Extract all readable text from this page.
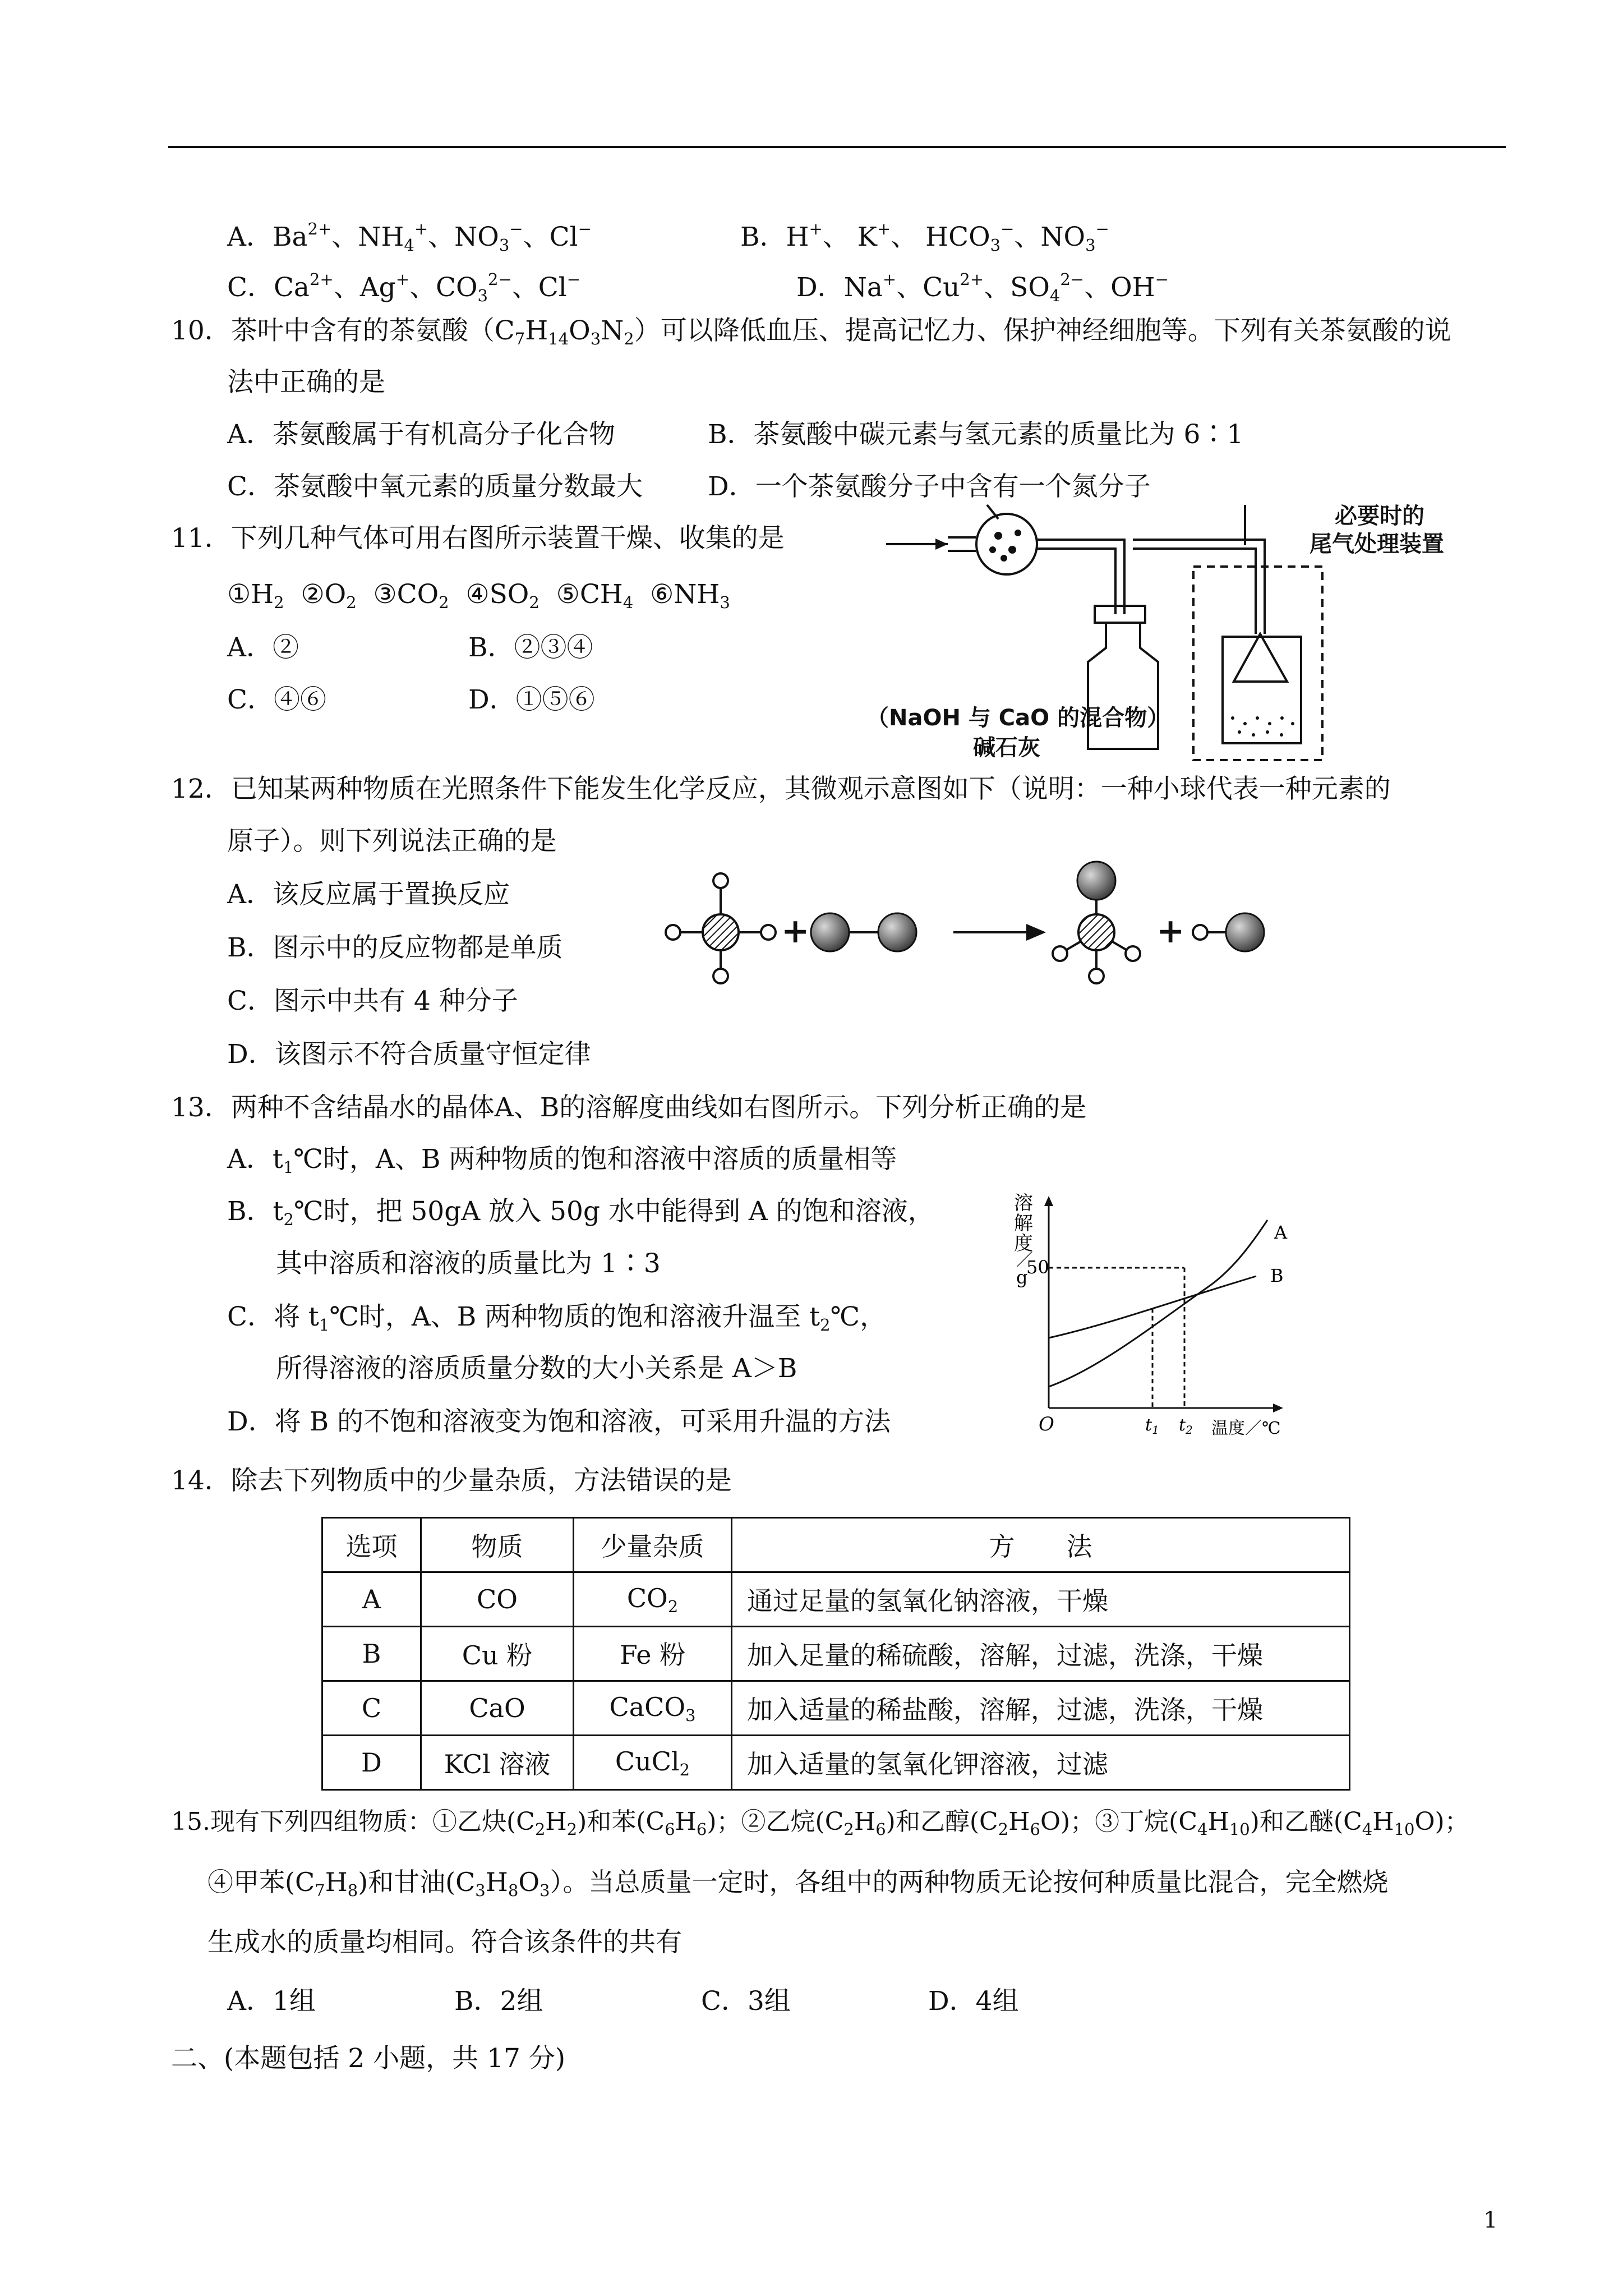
A．$Ba^{2+}$、$NH_4^+$、$NO_3^-$、Cl−	B．H+、 K+、 $HCO_3^-$、$NO_3^-$
C．$Ca^{2+}$、Ag+、$CO_3^{2-}$、Cl−	D．Na+、$Cu^{2+}$、$SO_4^{2-}$、OH−
10．茶叶中含有的茶氨酸$(C_7H_{14}O_3N_2)$可以降低血压、提高记忆力、保护神经细胞等。下列有关茶氨酸的说
法中正确的是
A．茶氨酸属于有机高分子化合物	B．茶氨酸中碳元素与氢元素的质量比为 6∶1
C．茶氨酸中氧元素的质量分数最大 D．一个茶氨酸分子中含有一个氮分子
11．下列几种气体可用右图所示装置干燥、收集的是
$①H_2$ $②O_2$ $③CO_2$ $④SO_2$ $⑤CH_4$ $⑥NH_3$
A．②	B．②③④
C．④⑥	D．①⑤⑥
.
必要时的
尾气处理装置
（NaOH 与 CaO 的混合物）
碱石灰
12．已知某两种物质在光照条件下能发生化学反应，其微观示意图如下（说明：一种小球代表一种元素的
原子）。则下列说法正确的是
A．该反应属于置换反应
B．图示中的反应物都是单质
C．图示中共有 4 种分子
D．该图示不符合质量守恒定律
+	+
13．两种不含结晶水的晶体A、B的溶解度曲线如右图所示。下列分析正确的是
A．$t_1℃$时，A、B 两种物质的饱和溶液中溶质的质量相等
B．$t_2℃$时，把 50gA 放入 50g 水中能得到 A 的饱和溶液，
其中溶质和溶液的质量比为 1∶3
C．将 $t_1℃$时，A、B 两种物质的饱和溶液升温至 $t_2℃$，
所得溶液的溶质质量分数的大小关系是 A＞B
D．将 B 的不饱和溶液变为饱和溶液，可采用升温的方法
溶
解
度
／
g
50
O	$t_1$ $t_2$ 温度／℃
A
B
14．除去下列物质中的少量杂质，方法错误的是
选项	物质	少量杂质	方　　法
A	CO	$CO_2$	通过足量的氢氧化钠溶液，干燥
B	Cu 粉	Fe 粉	加入足量的稀硫酸，溶解，过滤，洗涤，干燥
C	CaO	CaCO$_3$	加入适量的稀盐酸，溶解，过滤，洗涤，干燥
D	KCl 溶液	CuCl$_2$	加入适量的氢氧化钾溶液，过滤
15.现有下列四组物质：①乙炔$(C_2H_2)$和苯$(C_6H_6)$；②乙烷$(C_2H_6)$和乙醇$(C_2H_6O)$；③丁烷$(C_4H_{10})$和乙醚$(C_4H_{10}O)$；
④甲苯$(C_7H_8)$和甘油$(C_3H_8O_3)$。当总质量一定时，各组中的两种物质无论按何种质量比混合，完全燃烧
生成水的质量均相同。符合该条件的共有
A．1组	B．2组	C．3组	D．4组
二、(本题包括 2 小题，共 17 分)
1
